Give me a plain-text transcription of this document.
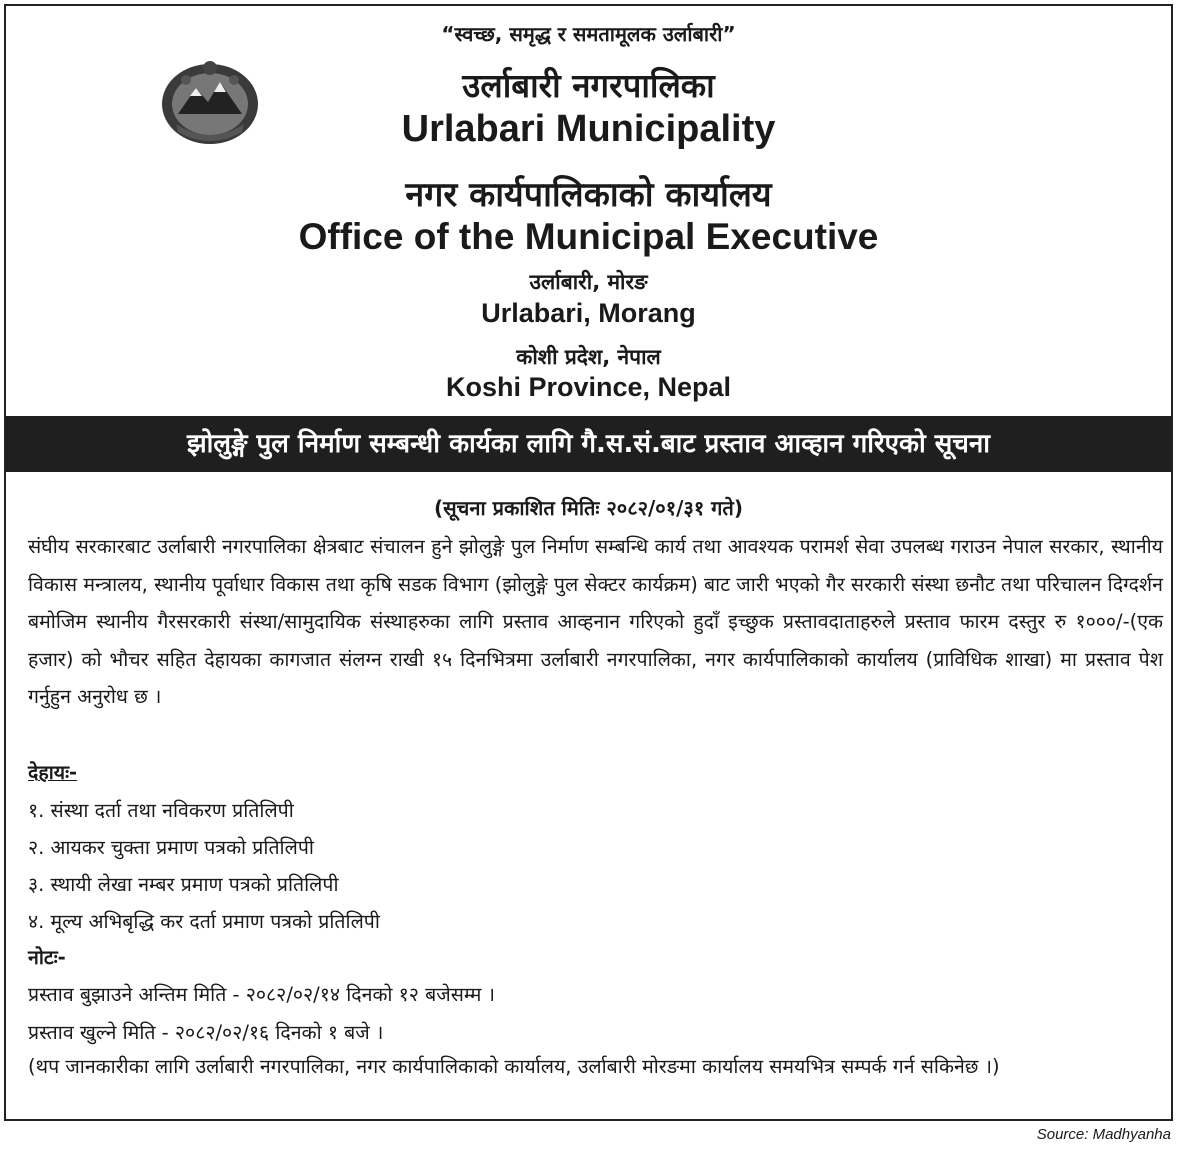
“स्वच्छ, समृद्ध र समतामूलक उर्लाबारी”
उर्लाबारी नगरपालिका
Urlabari Municipality
नगर कार्यपालिकाको कार्यालय
Office of the Municipal Executive
उर्लाबारी, मोरङ
Urlabari, Morang
कोशी प्रदेश, नेपाल
Koshi Province, Nepal
झोलुङ्गे पुल निर्माण सम्बन्धी कार्यका लागि गै.स.सं.बाट प्रस्ताव आव्हान गरिएको सूचना
(सूचना प्रकाशित मितिः २०८२/०१/३१ गते)
संघीय सरकारबाट उर्लाबारी नगरपालिका क्षेत्रबाट संचालन हुने झोलुङ्गे पुल निर्माण सम्बन्धि कार्य तथा आवश्यक परामर्श सेवा उपलब्ध गराउन नेपाल सरकार, स्थानीय विकास मन्त्रालय, स्थानीय पूर्वाधार विकास तथा कृषि सडक विभाग (झोलुङ्गे पुल सेक्टर कार्यक्रम) बाट जारी भएको गैर सरकारी संस्था छनौट तथा परिचालन दिग्दर्शन बमोजिम स्थानीय गैरसरकारी संस्था/सामुदायिक संस्थाहरुका लागि प्रस्ताव आव्हनान गरिएको हुदाँ इच्छुक प्रस्तावदाताहरुले प्रस्ताव फारम दस्तुर रु १०००/-(एक हजार) को भौचर सहित देहायका कागजात संलग्न राखी १५ दिनभित्रमा उर्लाबारी नगरपालिका, नगर कार्यपालिकाको कार्यालय (प्राविधिक शाखा) मा प्रस्ताव पेश गर्नुहुन अनुरोध छ ।
देहायः-
१. संस्था दर्ता तथा नविकरण प्रतिलिपी
२. आयकर चुक्ता प्रमाण पत्रको प्रतिलिपी
३. स्थायी लेखा नम्बर प्रमाण पत्रको प्रतिलिपी
४. मूल्य अभिबृद्धि कर दर्ता प्रमाण पत्रको प्रतिलिपी
नोटः-
प्रस्ताव बुझाउने अन्तिम मिति - २०८२/०२/१४ दिनको १२ बजेसम्म ।
प्रस्ताव खुल्ने मिति - २०८२/०२/१६ दिनको १ बजे ।
(थप जानकारीका लागि उर्लाबारी नगरपालिका, नगर कार्यपालिकाको कार्यालय, उर्लाबारी मोरङमा कार्यालय समयभित्र सम्पर्क गर्न सकिनेछ ।)
Source: Madhyanha
